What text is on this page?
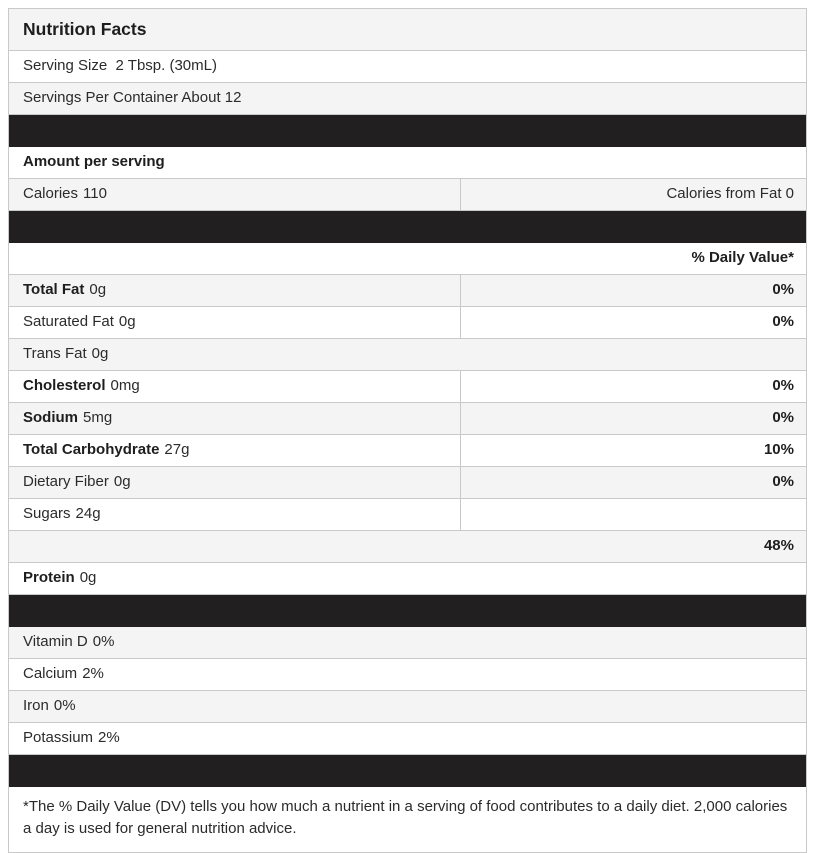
Nutrition Facts
Serving Size  2 Tbsp. (30mL)
Servings Per Container About 12
Amount per serving
Calories 110	Calories from Fat 0
% Daily Value*
Total Fat 0g	0%
Saturated Fat 0g	0%
Trans Fat 0g
Cholesterol 0mg	0%
Sodium 5mg	0%
Total Carbohydrate 27g	10%
Dietary Fiber 0g	0%
Sugars 24g
48%
Protein 0g
Vitamin D 0%
Calcium 2%
Iron 0%
Potassium 2%
*The % Daily Value (DV) tells you how much a nutrient in a serving of food contributes to a daily diet. 2,000 calories a day is used for general nutrition advice.
